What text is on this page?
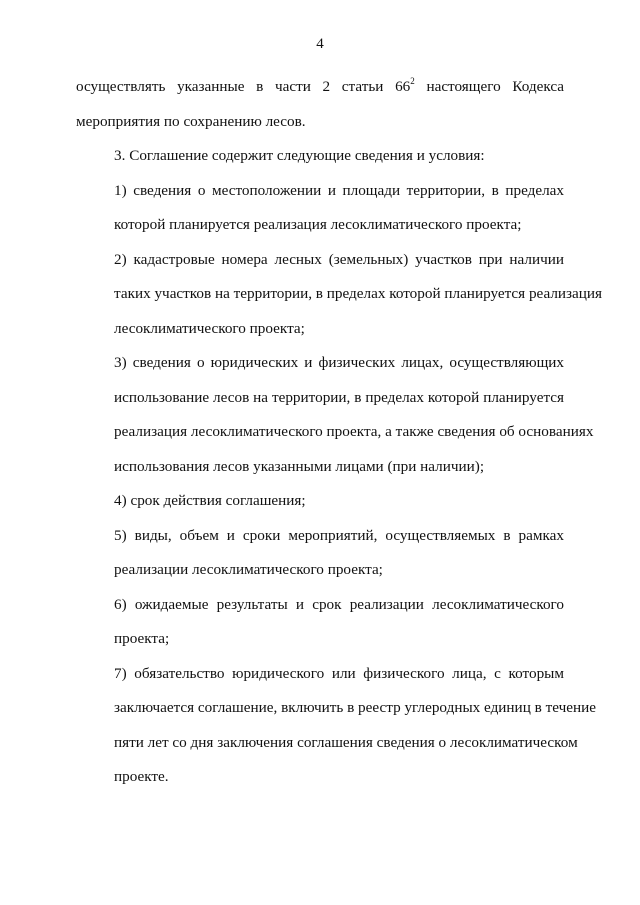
4
осуществлять указанные в части 2 статьи $66^2$ настоящего Кодекса
мероприятия по сохранению лесов.
3. Соглашение содержит следующие сведения и условия:
1) сведения о местоположении и площади территории, в пределах
которой планируется реализация лесоклиматического проекта;
2) кадастровые номера лесных (земельных) участков при наличии
таких участков на территории, в пределах которой планируется реализация
лесоклиматического проекта;
3) сведения о юридических и физических лицах, осуществляющих
использование лесов на территории, в пределах которой планируется
реализация лесоклиматического проекта, а также сведения об основаниях
использования лесов указанными лицами (при наличии);
4) срок действия соглашения;
5) виды, объем и сроки мероприятий, осуществляемых в рамках
реализации лесоклиматического проекта;
6) ожидаемые результаты и срок реализации лесоклиматического
проекта;
7) обязательство юридического или физического лица, с которым
заключается соглашение, включить в реестр углеродных единиц в течение
пяти лет со дня заключения соглашения сведения о лесоклиматическом
проекте.
